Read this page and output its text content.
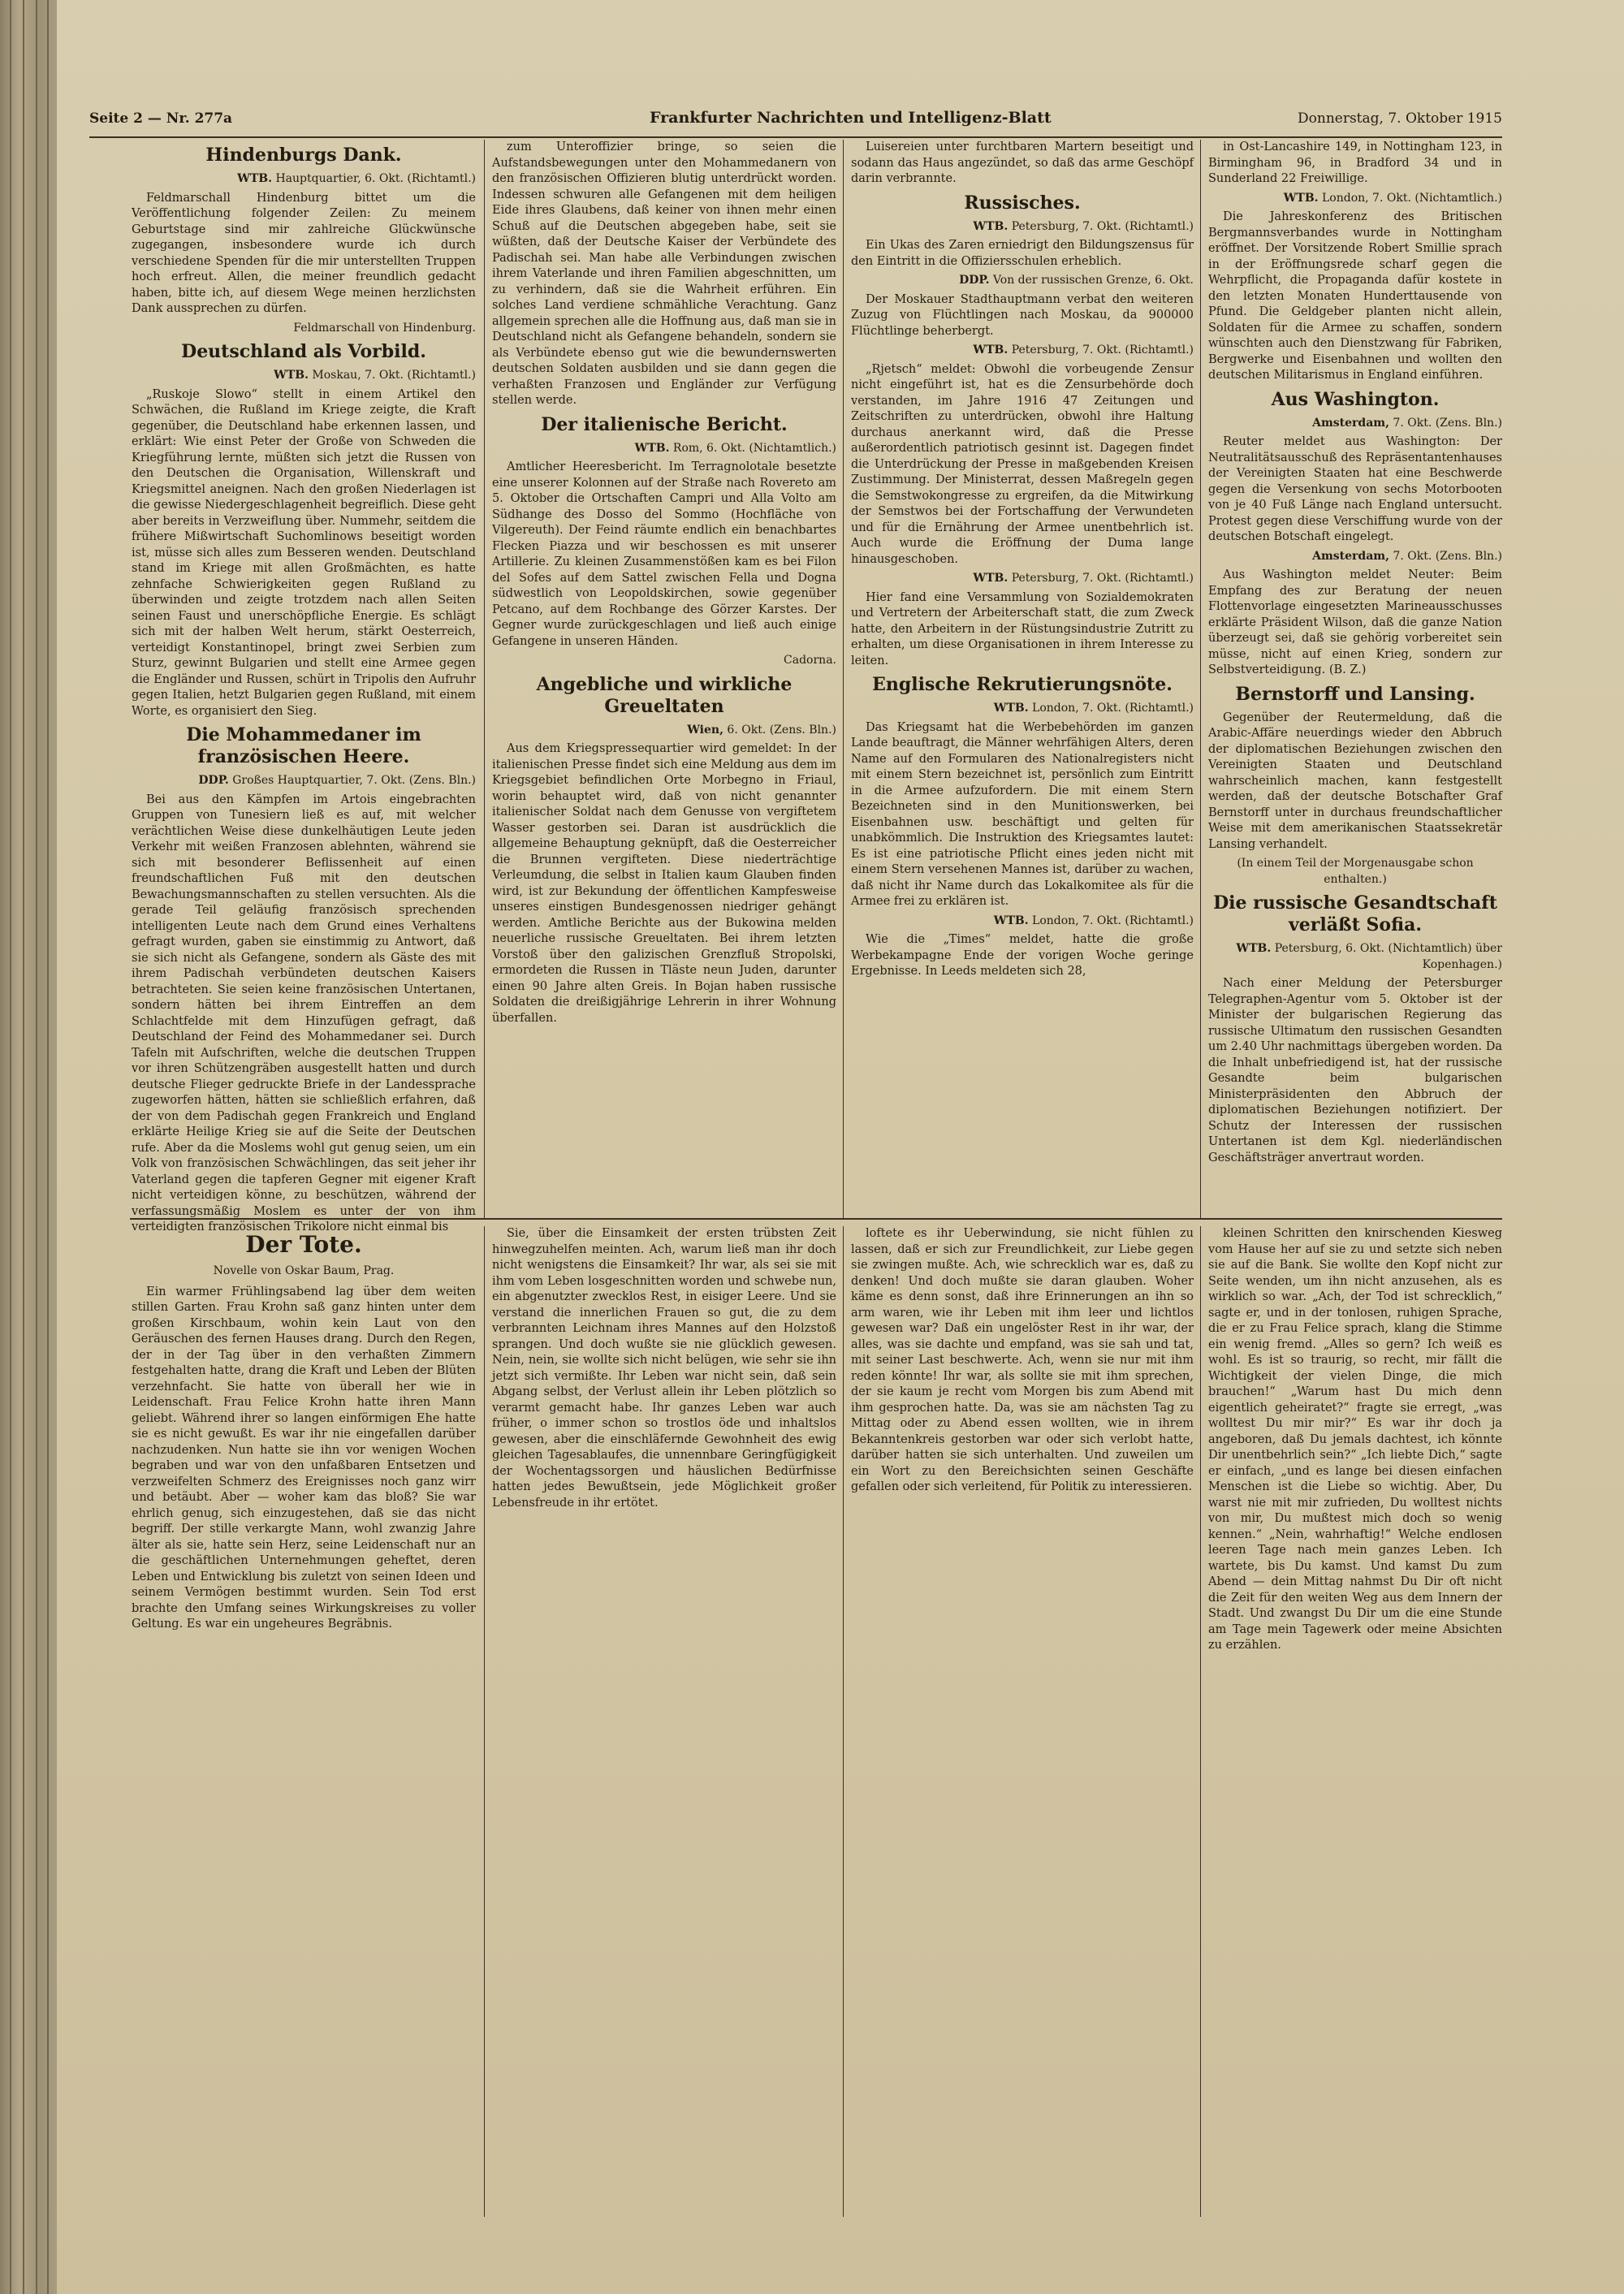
Seite 2 — Nr. 277a	Frankfurter Nachrichten und Intelligenz-Blatt	Donnerstag, 7. Oktober 1915
Hindenburgs Dank.
WTB. Hauptquartier, 6. Okt. (Richtamtl.)

Feldmarschall Hindenburg bittet um die Veröffentlichung folgender Zeilen: Zu meinem Geburtstage sind mir zahlreiche Glückwünsche zugegangen, insbesondere wurde ich durch verschiedene Spenden für die mir unterstellten Truppen hoch erfreut. Allen, die meiner freundlich gedacht haben, bitte ich, auf diesem Wege meinen herzlichsten Dank aussprechen zu dürfen.

Feldmarschall von Hindenburg.
Deutschland als Vorbild.
WTB. Moskau, 7. Okt. (Richtamtl.)

„Ruskoje Slowo“ stellt in einem Artikel den Schwächen, die Rußland im Kriege zeigte, die Kraft gegenüber, die Deutschland habe erkennen lassen, und erklärt: Wie einst Peter der Große von Schweden die Kriegführung lernte, müßten sich jetzt die Russen von den Deutschen die Organisation, Willenskraft und Kriegsmittel aneignen. Nach den großen Niederlagen ist die gewisse Niedergeschlagenheit begreiflich. Diese geht aber bereits in Verzweiflung über. Nummehr, seitdem die frühere Mißwirtschaft Suchomlinows beseitigt worden ist, müsse sich alles zum Besseren wenden. Deutschland stand im Kriege mit allen Großmächten, es hatte zehnfache Schwierigkeiten gegen Rußland zu überwinden und zeigte trotzdem nach allen Seiten seinen Faust und unerschöpfliche Energie. Es schlägt sich mit der halben Welt herum, stärkt Oesterreich, verteidigt Konstantinopel, bringt zwei Serbien zum Sturz, gewinnt Bulgarien und stellt eine Armee gegen die Engländer und Russen, schürt in Tripolis den Aufruhr gegen Italien, hetzt Bulgarien gegen Rußland, mit einem Worte, es organisiert den Sieg.

Die Mohammedaner im französischen Heere.
DDP. Großes Hauptquartier, 7. Okt. (Zens. Bln.)

Bei aus den Kämpfen im Artois eingebrachten Gruppen von Tunesiern ließ es auf, mit welcher verächtlichen Weise diese dunkelhäutigen Leute jeden Verkehr mit weißen Franzosen ablehnten, während sie sich mit besonderer Beflissenheit auf einen freundschaftlichen Fuß mit den deutschen Bewachungsmannschaften zu stellen versuchten. Als die gerade Teil geläufig französisch sprechenden intelligenten Leute nach dem Grund eines Verhaltens gefragt wurden, gaben sie einstimmig zu Antwort, daß sie sich nicht als Gefangene, sondern als Gäste des mit ihrem Padischah verbündeten deutschen Kaisers betrachteten. Sie seien keine französischen Untertanen, sondern hätten bei ihrem Eintreffen an dem Schlachtfelde mit dem Hinzufügen gefragt, daß Deutschland der Feind des Mohammedaner sei. Durch Tafeln mit Aufschriften, welche die deutschen Truppen vor ihren Schützengräben ausgestellt hatten und durch deutsche Flieger gedruckte Briefe in der Landessprache zugeworfen hätten, hätten sie schließlich erfahren, daß der von dem Padischah gegen Frankreich und England erklärte Heilige Krieg sie auf die Seite der Deutschen rufe. Aber da die Moslems wohl gut genug seien, um ein Volk von französischen Schwächlingen, das seit jeher ihr Vaterland gegen die tapferen Gegner mit eigener Kraft nicht verteidigen könne, zu beschützen, während der verfassungsmäßig Moslem es unter der von ihm verteidigten französischen Trikolore nicht einmal bis

zum Unteroffizier bringe, so seien die Aufstandsbewegungen unter den Mohammedanern von den französischen Offizieren blutig unterdrückt worden. Indessen schwuren alle Gefangenen mit dem heiligen Eide ihres Glaubens, daß keiner von ihnen mehr einen Schuß auf die Deutschen abgegeben habe, seit sie wüßten, daß der Deutsche Kaiser der Verbündete des Padischah sei. Man habe alle Verbindungen zwischen ihrem Vaterlande und ihren Familien abgeschnitten, um zu verhindern, daß sie die Wahrheit erführen. Ein solches Land verdiene schmähliche Verachtung. Ganz allgemein sprechen alle die Hoffnung aus, daß man sie in Deutschland nicht als Gefangene behandeln, sondern sie als Verbündete ebenso gut wie die bewundernswerten deutschen Soldaten ausbilden und sie dann gegen die verhaßten Franzosen und Engländer zur Verfügung stellen werde.

Der italienische Bericht.
WTB. Rom, 6. Okt. (Nichtamtlich.)

Amtlicher Heeresbericht. Im Terragnolotale besetzte eine unserer Kolonnen auf der Straße nach Rovereto am 5. Oktober die Ortschaften Campri und Alla Volto am Südhange des Dosso del Sommo (Hochfläche von Vilgereuth). Der Feind räumte endlich ein benachbartes Flecken Piazza und wir beschossen es mit unserer Artillerie. Zu kleinen Zusammenstößen kam es bei Filon del Sofes auf dem Sattel zwischen Fella und Dogna südwestlich von Leopoldskirchen, sowie gegenüber Petcano, auf dem Rochbange des Görzer Karstes. Der Gegner wurde zurückgeschlagen und ließ auch einige Gefangene in unseren Händen.

Cadorna.
Angebliche und wirkliche Greueltaten
Wien, 6. Okt. (Zens. Bln.)

Aus dem Kriegspressequartier wird gemeldet: In der italienischen Presse findet sich eine Meldung aus dem im Kriegsgebiet befindlichen Orte Morbegno in Friaul, worin behauptet wird, daß von nicht genannter italienischer Soldat nach dem Genusse von vergiftetem Wasser gestorben sei. Daran ist ausdrücklich die allgemeine Behauptung geknüpft, daß die Oesterreicher die Brunnen vergifteten. Diese niederträchtige Verleumdung, die selbst in Italien kaum Glauben finden wird, ist zur Bekundung der öffentlichen Kampfesweise unseres einstigen Bundesgenossen niedriger gehängt werden. Amtliche Berichte aus der Bukowina melden neuerliche russische Greueltaten. Bei ihrem letzten Vorstoß über den galizischen Grenzfluß Stropolski, ermordeten die Russen in Tläste neun Juden, darunter einen 90 Jahre alten Greis. In Bojan haben russische Soldaten die dreißigjährige Lehrerin in ihrer Wohnung überfallen.

Luisereien unter furchtbaren Martern beseitigt und sodann das Haus angezündet, so daß das arme Geschöpf darin verbrannte.

Russisches.
WTB. Petersburg, 7. Okt. (Richtamtl.)

Ein Ukas des Zaren erniedrigt den Bildungszensus für den Eintritt in die Offiziersschulen erheblich.

DDP. Von der russischen Grenze, 6. Okt.

Der Moskauer Stadthauptmann verbat den weiteren Zuzug von Flüchtlingen nach Moskau, da 900000 Flüchtlinge beherbergt.

WTB. Petersburg, 7. Okt. (Richtamtl.)

„Rjetsch“ meldet: Obwohl die vorbeugende Zensur nicht eingeführt ist, hat es die Zensurbehörde doch verstanden, im Jahre 1916 47 Zeitungen und Zeitschriften zu unterdrücken, obwohl ihre Haltung durchaus anerkannt wird, daß die Presse außerordentlich patriotisch gesinnt ist. Dagegen findet die Unterdrückung der Presse in maßgebenden Kreisen Zustimmung. Der Ministerrat, dessen Maßregeln gegen die Semstwokongresse zu ergreifen, da die Mitwirkung der Semstwos bei der Fortschaffung der Verwundeten und für die Ernährung der Armee unentbehrlich ist. Auch wurde die Eröffnung der Duma lange hinausgeschoben.

WTB. Petersburg, 7. Okt. (Richtamtl.)

Hier fand eine Versammlung von Sozialdemokraten und Vertretern der Arbeiterschaft statt, die zum Zweck hatte, den Arbeitern in der Rüstungsindustrie Zutritt zu erhalten, um diese Organisationen in ihrem Interesse zu leiten.

Englische Rekrutierungsnöte.
WTB. London, 7. Okt. (Richtamtl.)

Das Kriegsamt hat die Werbebehörden im ganzen Lande beauftragt, die Männer wehrfähigen Alters, deren Name auf den Formularen des Nationalregisters nicht mit einem Stern bezeichnet ist, persönlich zum Eintritt in die Armee aufzufordern. Die mit einem Stern Bezeichneten sind in den Munitionswerken, bei Eisenbahnen usw. beschäftigt und gelten für unabkömmlich. Die Instruktion des Kriegsamtes lautet: Es ist eine patriotische Pflicht eines jeden nicht mit einem Stern versehenen Mannes ist, darüber zu wachen, daß nicht ihr Name durch das Lokalkomitee als für die Armee frei zu erklären ist.

WTB. London, 7. Okt. (Richtamtl.)

Wie die „Times“ meldet, hatte die große Werbekampagne Ende der vorigen Woche geringe Ergebnisse. In Leeds meldeten sich 28,

in Ost-Lancashire 149, in Nottingham 123, in Birmingham 96, in Bradford 34 und in Sunderland 22 Freiwillige.

WTB. London, 7. Okt. (Nichtamtlich.)

Die Jahreskonferenz des Britischen Bergmannsverbandes wurde in Nottingham eröffnet. Der Vorsitzende Robert Smillie sprach in der Eröffnungsrede scharf gegen die Wehrpflicht, die Propaganda dafür kostete in den letzten Monaten Hunderttausende von Pfund. Die Geldgeber planten nicht allein, Soldaten für die Armee zu schaffen, sondern wünschten auch den Dienstzwang für Fabriken, Bergwerke und Eisenbahnen und wollten den deutschen Militarismus in England einführen.

Aus Washington.
Amsterdam, 7. Okt. (Zens. Bln.)

Reuter meldet aus Washington: Der Neutralitätsausschuß des Repräsentantenhauses der Vereinigten Staaten hat eine Beschwerde gegen die Versenkung von sechs Motorbooten von je 40 Fuß Länge nach England untersucht. Protest gegen diese Verschiffung wurde von der deutschen Botschaft eingelegt.

Amsterdam, 7. Okt. (Zens. Bln.)

Aus Washington meldet Neuter: Beim Empfang des zur Beratung der neuen Flottenvorlage eingesetzten Marineausschusses erklärte Präsident Wilson, daß die ganze Nation überzeugt sei, daß sie gehörig vorbereitet sein müsse, nicht auf einen Krieg, sondern zur Selbstverteidigung. (B. Z.)

Bernstorff und Lansing.

Gegenüber der Reutermeldung, daß die Arabic-Affäre neuerdings wieder den Abbruch der diplomatischen Beziehungen zwischen den Vereinigten Staaten und Deutschland wahrscheinlich machen, kann festgestellt werden, daß der deutsche Botschafter Graf Bernstorff unter in durchaus freundschaftlicher Weise mit dem amerikanischen Staatssekretär Lansing verhandelt.

(In einem Teil der Morgenausgabe schon enthalten.)
Die russische Gesandtschaft verläßt Sofia.
WTB. Petersburg, 6. Okt. (Nichtamtlich) über Kopenhagen.)

Nach einer Meldung der Petersburger Telegraphen-Agentur vom 5. Oktober ist der Minister der bulgarischen Regierung das russische Ultimatum den russischen Gesandten um 2.40 Uhr nachmittags übergeben worden. Da die Inhalt unbefriedigend ist, hat der russische Gesandte beim bulgarischen Ministerpräsidenten den Abbruch der diplomatischen Beziehungen notifiziert. Der Schutz der Interessen der russischen Untertanen ist dem Kgl. niederländischen Geschäftsträger anvertraut worden.

Der Tote.
Novelle von Oskar Baum, Prag.

Ein warmer Frühlingsabend lag über dem weiten stillen Garten. Frau Krohn saß ganz hinten unter dem großen Kirschbaum, wohin kein Laut von den Geräuschen des fernen Hauses drang. Durch den Regen, der in der Tag über in den verhaßten Zimmern festgehalten hatte, drang die Kraft und Leben der Blüten verzehnfacht. Sie hatte von überall her wie in Leidenschaft. Frau Felice Krohn hatte ihren Mann geliebt. Während ihrer so langen einförmigen Ehe hatte sie es nicht gewußt. Es war ihr nie eingefallen darüber nachzudenken. Nun hatte sie ihn vor wenigen Wochen begraben und war von den unfaßbaren Entsetzen und verzweifelten Schmerz des Ereignisses noch ganz wirr und betäubt. Aber — woher kam das bloß? Sie war ehrlich genug, sich einzugestehen, daß sie das nicht begriff. Der stille verkargte Mann, wohl zwanzig Jahre älter als sie, hatte sein Herz, seine Leidenschaft nur an die geschäftlichen Unternehmungen geheftet, deren Leben und Entwicklung bis zuletzt von seinen Ideen und seinem Vermögen bestimmt wurden. Sein Tod erst brachte den Umfang seines Wirkungskreises zu voller Geltung. Es war ein ungeheures Begräbnis.

Sie, über die Einsamkeit der ersten trübsten Zeit hinwegzuhelfen meinten. Ach, warum ließ man ihr doch nicht wenigstens die Einsamkeit? Ihr war, als sei sie mit ihm vom Leben losgeschnitten worden und schwebe nun, ein abgenutzter zwecklos Rest, in eisiger Leere. Und sie verstand die innerlichen Frauen so gut, die zu dem verbrannten Leichnam ihres Mannes auf den Holzstoß sprangen. Und doch wußte sie nie glücklich gewesen. Nein, nein, sie wollte sich nicht belügen, wie sehr sie ihn jetzt sich vermißte. Ihr Leben war nicht sein, daß sein Abgang selbst, der Verlust allein ihr Leben plötzlich so verarmt gemacht habe. Ihr ganzes Leben war auch früher, o immer schon so trostlos öde und inhaltslos gewesen, aber die einschläfernde Gewohnheit des ewig gleichen Tagesablaufes, die unnennbare Geringfügigkeit der Wochentagssorgen und häuslichen Bedürfnisse hatten jedes Bewußtsein, jede Möglichkeit großer Lebensfreude in ihr ertötet.

loftete es ihr Ueberwindung, sie nicht fühlen zu lassen, daß er sich zur Freundlichkeit, zur Liebe gegen sie zwingen mußte. Ach, wie schrecklich war es, daß zu denken! Und doch mußte sie daran glauben. Woher käme es denn sonst, daß ihre Erinnerungen an ihn so arm waren, wie ihr Leben mit ihm leer und lichtlos gewesen war? Daß ein ungelöster Rest in ihr war, der alles, was sie dachte und empfand, was sie sah und tat, mit seiner Last beschwerte. Ach, wenn sie nur mit ihm reden könnte! Ihr war, als sollte sie mit ihm sprechen, der sie kaum je recht vom Morgen bis zum Abend mit ihm gesprochen hatte. Da, was sie am nächsten Tag zu Mittag oder zu Abend essen wollten, wie in ihrem Bekanntenkreis gestorben war oder sich verlobt hatte, darüber hatten sie sich unterhalten. Und zuweilen um ein Wort zu den Bereichsichten seinen Geschäfte gefallen oder sich verleitend, für Politik zu interessieren.

kleinen Schritten den knirschenden Kiesweg vom Hause her auf sie zu und setzte sich neben sie auf die Bank. Sie wollte den Kopf nicht zur Seite wenden, um ihn nicht anzusehen, als es wirklich so war. „Ach, der Tod ist schrecklich,“ sagte er, und in der tonlosen, ruhigen Sprache, die er zu Frau Felice sprach, klang die Stimme ein wenig fremd. „Alles so gern? Ich weiß es wohl. Es ist so traurig, so recht, mir fällt die Wichtigkeit der vielen Dinge, die mich brauchen!“ „Warum hast Du mich denn eigentlich geheiratet?“ fragte sie erregt, „was wolltest Du mir mir?“ Es war ihr doch ja angeboren, daß Du jemals dachtest, ich könnte Dir unentbehrlich sein?“ „Ich liebte Dich,“ sagte er einfach, „und es lange bei diesen einfachen Menschen ist die Liebe so wichtig. Aber, Du warst nie mit mir zufrieden, Du wolltest nichts von mir, Du mußtest mich doch so wenig kennen.“ „Nein, wahrhaftig!“ Welche endlosen leeren Tage nach mein ganzes Leben. Ich wartete, bis Du kamst. Und kamst Du zum Abend — dein Mittag nahmst Du Dir oft nicht die Zeit für den weiten Weg aus dem Innern der Stadt. Und zwangst Du Dir um die eine Stunde am Tage mein Tagewerk oder meine Absichten zu erzählen.
